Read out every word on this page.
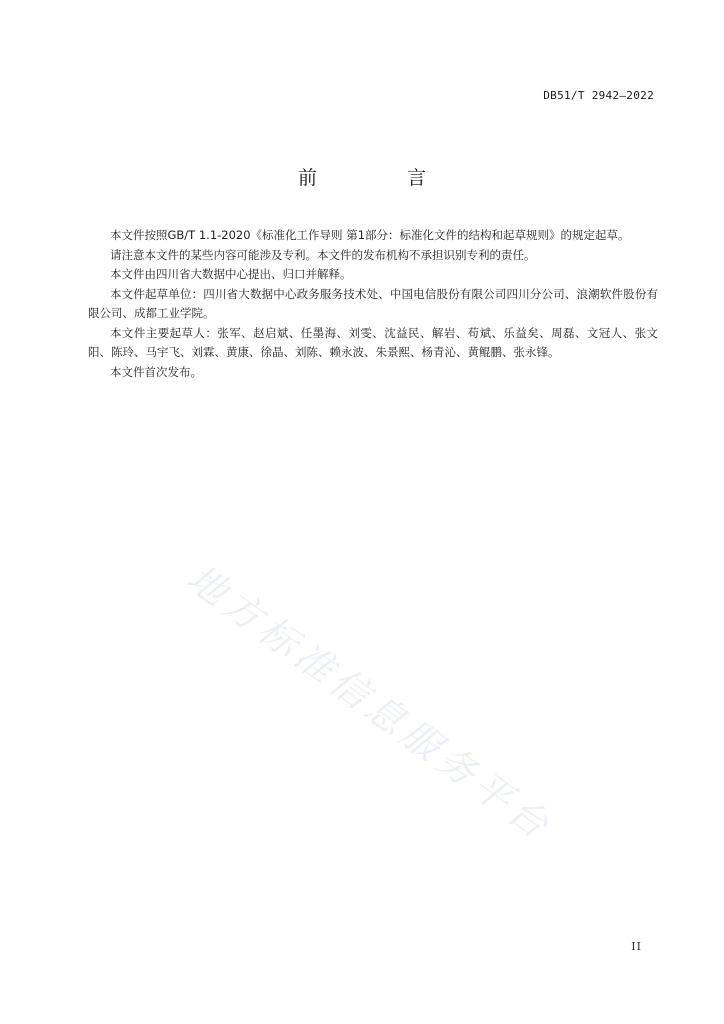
DB51/T 2942—2022
前 言

本文件按照GB/T 1.1-2020《标准化工作导则 第1部分：标准化文件的结构和起草规则》的规定起草。

请注意本文件的某些内容可能涉及专利。本文件的发布机构不承担识别专利的责任。

本文件由四川省大数据中心提出、归口并解释。

本文件起草单位：四川省大数据中心政务服务技术处、中国电信股份有限公司四川分公司、浪潮软件股份有限公司、成都工业学院。

本文件主要起草人：张军、赵启斌、任墨海、刘雯、沈益民、解岩、苟斌、乐益矣、周磊、文冠人、张文阳、陈玲、马宇飞、刘霖、黄康、徐晶、刘陈、赖永波、朱景熙、杨青沁、黄鲲鹏、张永锋。

本文件首次发布。

地方标准信息服务平台
II
